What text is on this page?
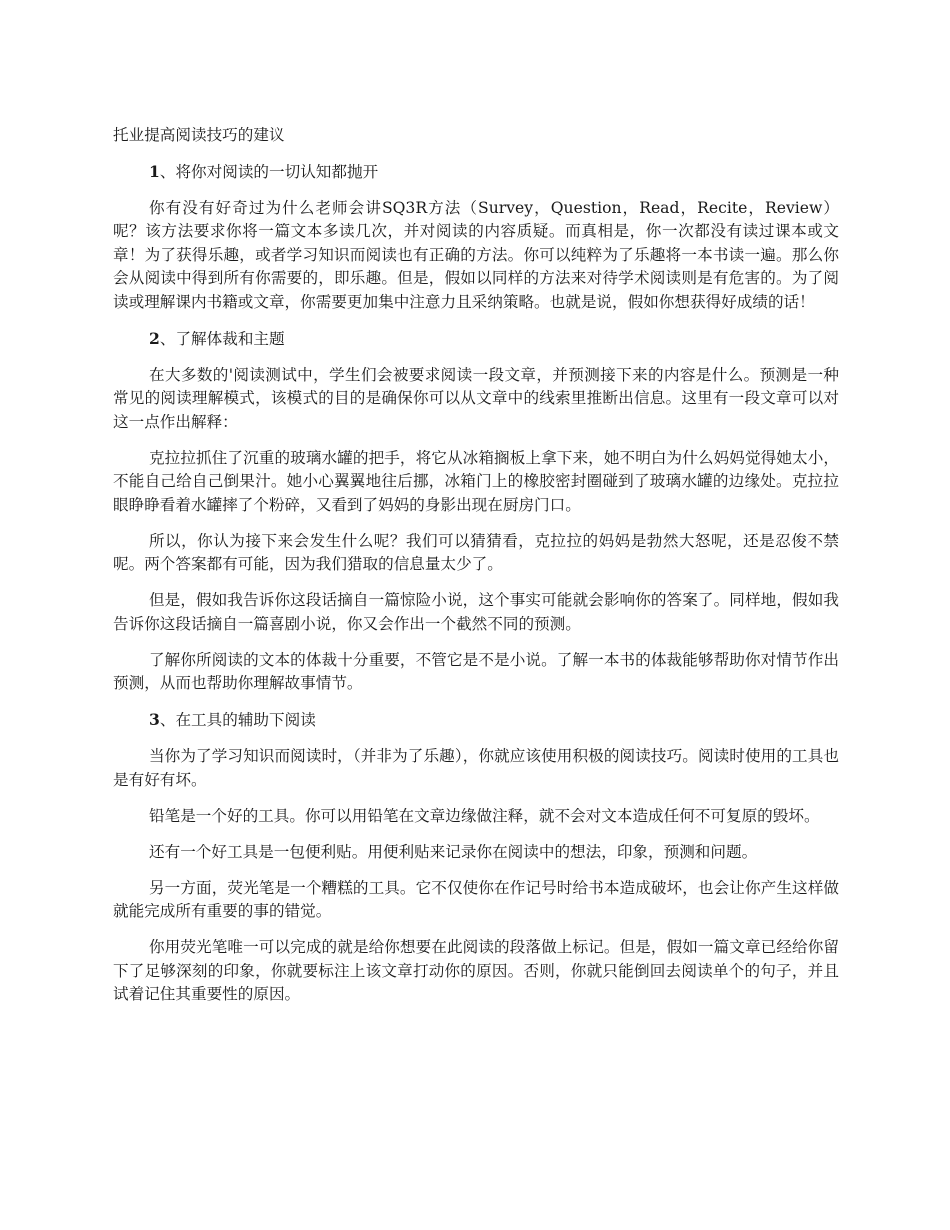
托业提高阅读技巧的建议
1、将你对阅读的一切认知都抛开
你有没有好奇过为什么老师会讲SQ3R方法（Survey，Question，Read，Recite，Review）呢？该方法要求你将一篇文本多读几次，并对阅读的内容质疑。而真相是，你一次都没有读过课本或文章！为了获得乐趣，或者学习知识而阅读也有正确的方法。你可以纯粹为了乐趣将一本书读一遍。那么你会从阅读中得到所有你需要的，即乐趣。但是，假如以同样的方法来对待学术阅读则是有危害的。为了阅读或理解课内书籍或文章，你需要更加集中注意力且采纳策略。也就是说，假如你想获得好成绩的话！
2、了解体裁和主题
在大多数的'阅读测试中，学生们会被要求阅读一段文章，并预测接下来的内容是什么。预测是一种常见的阅读理解模式，该模式的目的是确保你可以从文章中的线索里推断出信息。这里有一段文章可以对这一点作出解释：
克拉拉抓住了沉重的玻璃水罐的把手，将它从冰箱搁板上拿下来，她不明白为什么妈妈觉得她太小，不能自己给自己倒果汁。她小心翼翼地往后挪，冰箱门上的橡胶密封圈碰到了玻璃水罐的边缘处。克拉拉眼睁睁看着水罐摔了个粉碎，又看到了妈妈的身影出现在厨房门口。
所以，你认为接下来会发生什么呢？我们可以猜猜看，克拉拉的妈妈是勃然大怒呢，还是忍俊不禁呢。两个答案都有可能，因为我们猎取的信息量太少了。
但是，假如我告诉你这段话摘自一篇惊险小说，这个事实可能就会影响你的答案了。同样地，假如我告诉你这段话摘自一篇喜剧小说，你又会作出一个截然不同的预测。
了解你所阅读的文本的体裁十分重要，不管它是不是小说。了解一本书的体裁能够帮助你对情节作出预测，从而也帮助你理解故事情节。
3、在工具的辅助下阅读
当你为了学习知识而阅读时，（并非为了乐趣），你就应该使用积极的阅读技巧。阅读时使用的工具也是有好有坏。
铅笔是一个好的工具。你可以用铅笔在文章边缘做注释，就不会对文本造成任何不可复原的毁坏。
还有一个好工具是一包便利贴。用便利贴来记录你在阅读中的想法，印象，预测和问题。
另一方面，荧光笔是一个糟糕的工具。它不仅使你在作记号时给书本造成破坏，也会让你产生这样做就能完成所有重要的事的错觉。
你用荧光笔唯一可以完成的就是给你想要在此阅读的段落做上标记。但是，假如一篇文章已经给你留下了足够深刻的印象，你就要标注上该文章打动你的原因。否则，你就只能倒回去阅读单个的句子，并且试着记住其重要性的原因。
